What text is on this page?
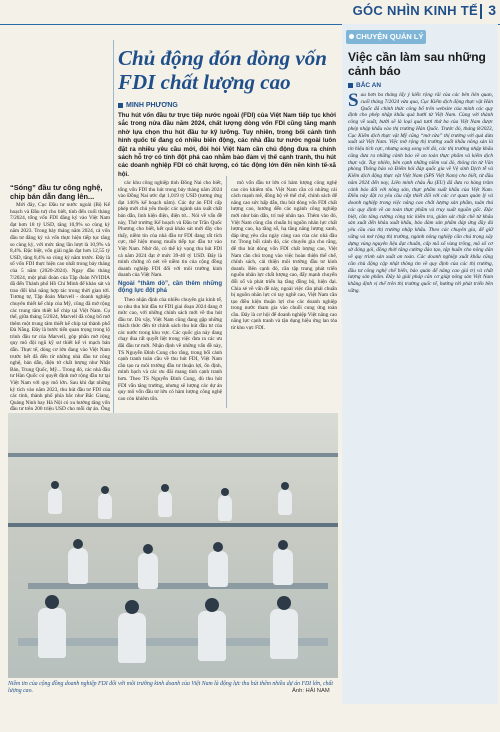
GÓC NHÌN KINH TẾ 3
Chủ động đón dòng vốn FDI chất lượng cao
MINH PHƯƠNG
Thu hút vốn đầu tư trực tiếp nước ngoài (FDI) của Việt Nam tiếp tục khởi sắc trong nửa đầu năm 2024, chất lượng dòng vốn FDI cũng tăng mạnh nhờ lựa chọn thu hút đầu tư kỹ lưỡng. Tuy nhiên, trong bối cảnh tình hình quốc tế đang có nhiều biến động, các nhà đầu tư nước ngoài luôn đặt ra nhiều yêu cầu mới, đòi hỏi Việt Nam cần chủ động đưa ra chính sách hỗ trợ có tính đột phá cao nhằm bảo đảm vị thế cạnh tranh, thu hút các doanh nghiệp FDI có chất lượng, có tác động lớn đến nền kinh tế-xã hội.
“Sóng” đầu tư công nghệ, chip bán dẫn đang lên...

Mới đây, Cục Đầu tư nước ngoài (Bộ Kế hoạch và Đầu tư) cho biết, tính đến cuối tháng 7/2024, tổng vốn FDI đăng ký vào Việt Nam đạt hơn 18 tỷ USD, tăng 10,9% so cùng kỳ năm 2023. Trong bảy tháng năm 2024, cả vốn đầu tư đăng ký và vốn thực hiện tiếp tục tăng so cùng kỳ, với mức tăng lần lượt là 10,9% và 8,4%. Đặc biệt, vốn giải ngân đạt hơn 12,55 tỷ USD, tăng 8,4% so cùng kỳ năm trước. Đây là số vốn FDI thực hiện cao nhất trong bảy tháng của 5 năm (2020-2024). Ngay đầu tháng 7/2024, một phái đoàn của Tập đoàn NVIDIA đã đến Thành phố Hồ Chí Minh để khảo sát và trao đổi khả năng hợp tác trong thời gian tới. Tương tự, Tập đoàn Marvell - doanh nghiệp chuyên thiết kế chip của Mỹ, cũng đã mở rộng các trung tâm thiết kế chip tại Việt Nam. Cụ thể, giữa tháng 5/2024, Marvell đã công bố mở thêm một trung tâm thiết kế chip tại thành phố Đà Nẵng. Đây là bước tiến quan trọng trong lộ trình đầu tư của Marvell, góp phần mở rộng quy mô đội ngũ kỹ sư thiết kế vi mạch bán dẫn. Thực tế, dòng cơ lớn đang vào Việt Nam trước hết đã đến từ những nhà đầu tư công nghệ, bán dẫn, điện tử chất lượng như Nhật Bản, Trung Quốc, Mỹ... Trong đó, các nhà đầu tư Hàn Quốc có quyết định mở rộng đầu tư tại Việt Nam với quy mô lớn. Sau khi đạt những kỳ tích vào năm 2023, thu hút đầu tư FDI của các tỉnh, thành phố phía bắc như Bắc Giang, Quảng Ninh hay Hà Nội có xu hướng tăng vốn đầu tư trên 200 triệu USD cho mỗi dự án. Ông

các khu công nghiệp tỉnh Đồng Nai cho biết, tổng vốn FDI thu hút trong bảy tháng năm 2024 vào Đồng Nai ước đạt 1,019 tỷ USD (tương ứng đạt 146% kế hoạch năm). Các dự án FDI cấp phép mới chủ yếu thuộc các ngành sản xuất chất bán dẫn, linh kiện điện, điện tử... Nói về vấn đề này, Thứ trưởng Kế hoạch và Đầu tư Trần Quốc Phương cho biết, kết quả khảo sát mới đây cho thấy, niềm tin của nhà đầu tư FDI đang rất tích cực, thể hiện mong muốn tiếp tục đầu tư vào Việt Nam. Nhờ đó, có thể kỳ vọng thu hút FDI cả năm 2024 đạt ở mức 39-40 tỷ USD. Đây là minh chứng rõ nét về niềm tin của cộng đồng doanh nghiệp FDI đối với môi trường kinh doanh của Việt Nam.

Ngoài “thâm dò”, cần thêm những động lực đột phá

Theo nhận định của nhiều chuyên gia kinh tế, so nhu thu hút đầu tư FDI giai đoạn 2024 đang ở mức cao, với những chính sách mới về thu hút đầu tư. Dù vậy, Việt Nam cũng đang gặp những thách thức đến từ chính sách thu hút đầu tư của các nước trong khu vực. Các quốc gia này đang chạy đua rất quyết liệt trong việc đưa ra các ưu đãi đầu tư mới. Nhận định về những vấn đề này, TS Nguyễn Đình Cung cho rằng, trong bối cảnh cạnh tranh toàn cầu về thu hút FDI, Việt Nam cần tạo ra môi trường đầu tư thuận lợi, ổn định, minh bạch và các ưu đãi mang tính cạnh tranh hơn. Theo TS Nguyễn Đình Cung, dù thu hút FDI vẫn tăng trưởng, nhưng sẽ lượng các dự án quy mô vốn đầu tư lớn có hàm lượng công nghệ cao còn khiêm tốn.

mô vốn đầu tư lớn có hàm lượng công nghệ cao còn khiêm tốn. Việt Nam cần có những cải cách mạnh mẽ, đồng bộ về thể chế, chính sách để nâng cao sức hấp dẫn, thu hút dòng vốn FDI chất lượng cao, hướng đến các ngành công nghiệp mới như bán dẫn, trí tuệ nhân tạo. Thêm vào đó, Việt Nam cũng cần chuẩn bị nguồn nhân lực chất lượng cao, hạ tầng số, hạ tầng năng lượng xanh, đáp ứng yêu cầu ngày càng cao của các nhà đầu tư. Trong bối cảnh đó, các chuyên gia cho rằng, để thu hút dòng vốn FDI chất lượng cao, Việt Nam cần chú trọng vào việc hoàn thiện thể chế, chính sách, cải thiện môi trường đầu tư kinh doanh. Bên cạnh đó, cần tập trung phát triển nguồn nhân lực chất lượng cao, đẩy mạnh chuyển đổi số và phát triển hạ tầng đồng bộ, hiện đại. Chia sẻ về vấn đề này, ngoài việc cần phải chuẩn bị nguồn nhân lực có tay nghề cao, Việt Nam cần tạo điều kiện thuận lợi cho các doanh nghiệp trong nước tham gia vào chuỗi cung ứng toàn cầu. Đây là cơ hội để doanh nghiệp Việt nâng cao năng lực cạnh tranh và tận dụng hiệu ứng lan tỏa từ khu vực FDI.

CHUYỆN QUẢN LÝ
Việc cần làm sau những cảnh báo
BẮC AN

Sau hơn ba tháng lấy ý kiến rộng rãi của các bên liên quan, cuối tháng 7/2024 vừa qua, Cục Kiểm dịch động thực vật Hàn Quốc đã chính thức công bố trên website của mình các quy định cho phép nhập khẩu quả bưởi từ Việt Nam. Cùng với thành công về xuất, bưởi sẽ là loại quả tươi thứ ba của Việt Nam được phép nhập khẩu vào thị trường Hàn Quốc. Trước đó, tháng 8/2023, Cục Kiểm dịch thực vật Mỹ cũng “mở cửa” thị trường với quả dừa xuất xứ Việt Nam. Việc mở rộng thị trường xuất khẩu nông sản là tín hiệu tích cực, nhưng song song với đó, các thị trường nhập khẩu cũng đưa ra những cảnh báo về an toàn thực phẩm và kiểm dịch thực vật. Tuy nhiên, bên cạnh những niềm vui đó, thông tin từ Văn phòng Thông báo và Điểm hỏi đáp quốc gia về Vệ sinh Dịch tễ và Kiểm dịch động thực vật Việt Nam (SPS Việt Nam) cho biết, từ đầu năm 2024 đến nay, Liên minh châu Âu (EU) đã đưa ra hàng trăm cảnh báo đối với nông sản, thực phẩm xuất khẩu của Việt Nam. Điều này đặt ra yêu cầu cấp thiết đối với các cơ quan quản lý và doanh nghiệp trong việc nâng cao chất lượng sản phẩm, tuân thủ các quy định về an toàn thực phẩm và truy xuất nguồn gốc. Đặc biệt, cần tăng cường công tác kiểm tra, giám sát chặt chẽ từ khâu sản xuất đến khâu xuất khẩu, bảo đảm sản phẩm đáp ứng đầy đủ yêu cầu của thị trường nhập khẩu. Theo các chuyên gia, để giữ vững và mở rộng thị trường, ngành nông nghiệp cần chú trọng xây dựng vùng nguyên liệu đạt chuẩn, cấp mã số vùng trồng, mã số cơ sở đóng gói, đồng thời tăng cường đào tạo, tập huấn cho nông dân về quy trình sản xuất an toàn. Các doanh nghiệp xuất khẩu cũng cần chủ động cập nhật thông tin về quy định của các thị trường, đầu tư công nghệ chế biến, bảo quản để nâng cao giá trị và chất lượng sản phẩm. Đây là giải pháp căn cơ giúp nông sản Việt Nam khẳng định vị thế trên thị trường quốc tế, hướng tới phát triển bền vững.

Niềm tin của cộng đồng doanh nghiệp FDI đối với môi trường kinh doanh của Việt Nam là động lực thu hút thêm nhiều dự án FDI lớn, chất lượng cao.	Ảnh: HẢI NAM
